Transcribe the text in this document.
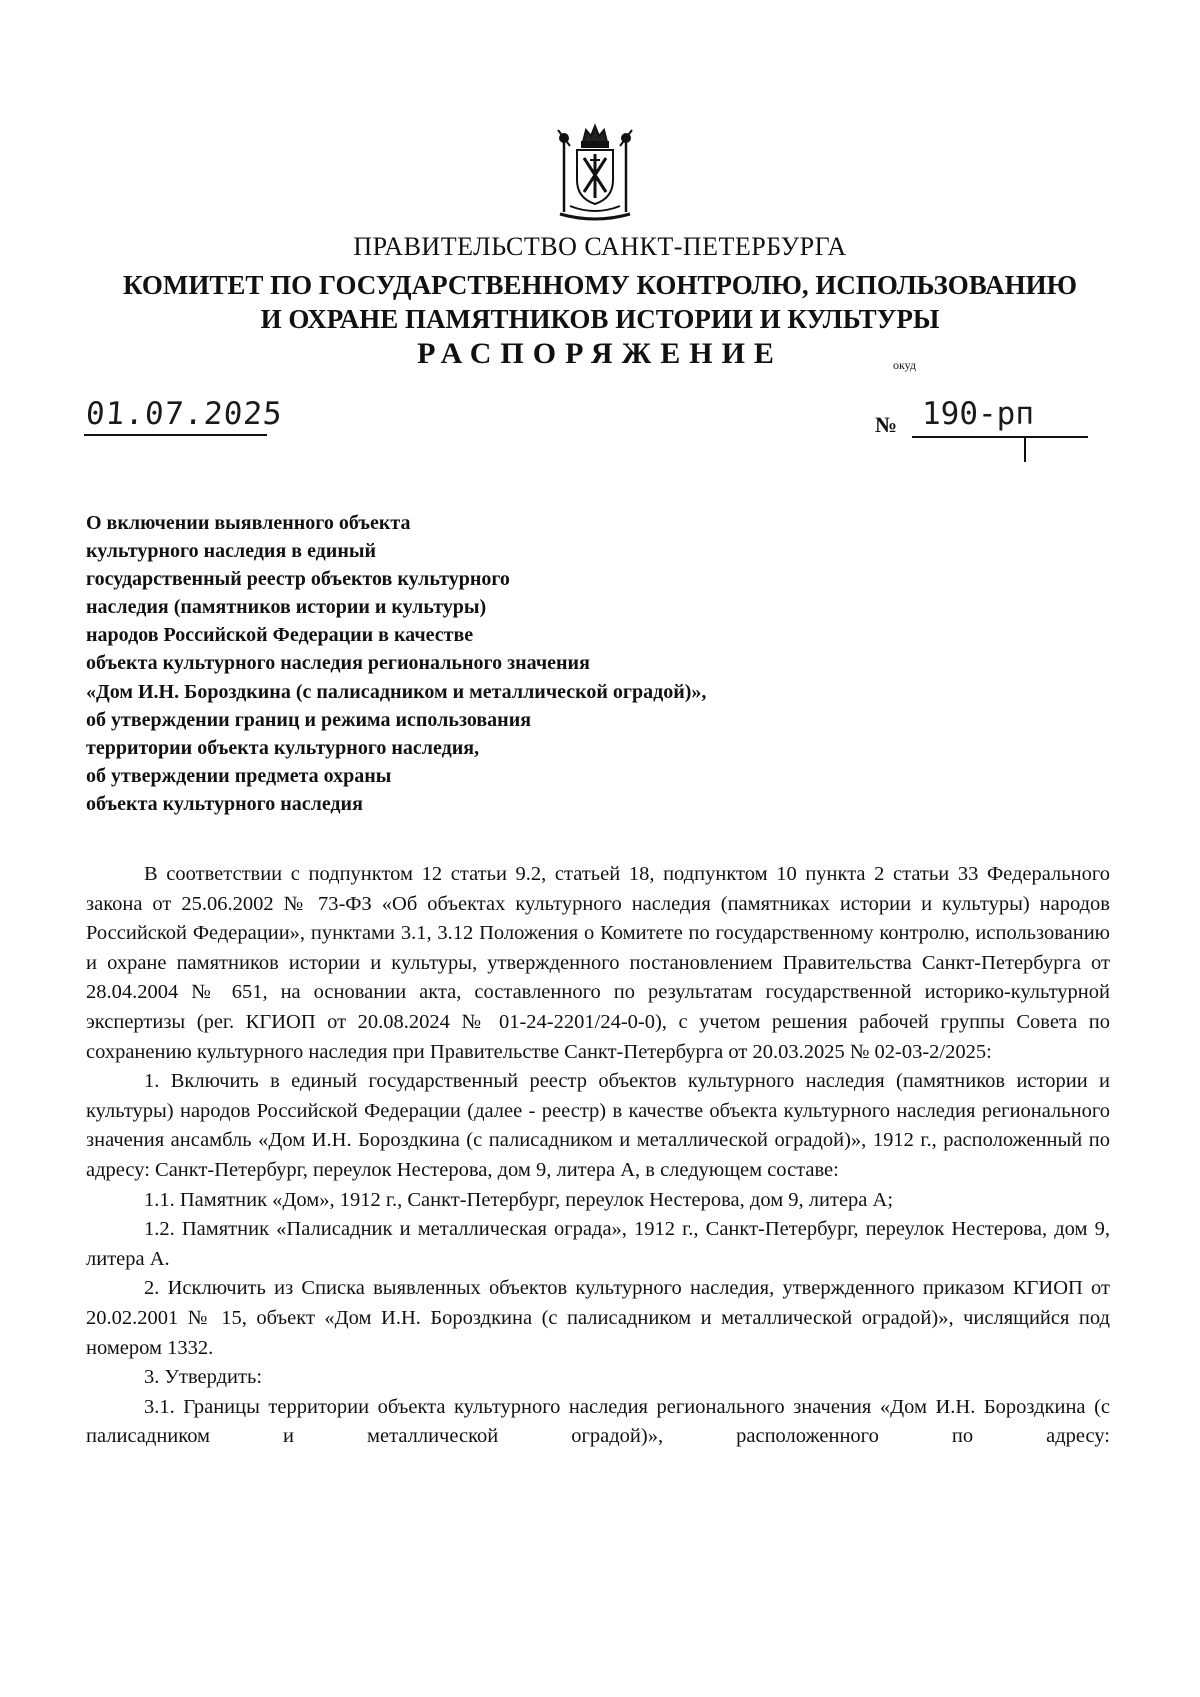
ПРАВИТЕЛЬСТВО САНКТ-ПЕТЕРБУРГА
КОМИТЕТ ПО ГОСУДАРСТВЕННОМУ КОНТРОЛЮ, ИСПОЛЬЗОВАНИЮ
И ОХРАНЕ ПАМЯТНИКОВ ИСТОРИИ И КУЛЬТУРЫ
РАСПОРЯЖЕНИЕ	окуд
01.07.2025	№ 190-рп
О включении выявленного объекта
культурного наследия в единый
государственный реестр объектов культурного
наследия (памятников истории и культуры)
народов Российской Федерации в качестве
объекта культурного наследия регионального значения
«Дом И.Н. Бороздкина (с палисадником и металлической оградой)»,
об утверждении границ и режима использования
территории объекта культурного наследия,
об утверждении предмета охраны
объекта культурного наследия

В соответствии с подпунктом 12 статьи 9.2, статьей 18, подпунктом 10 пункта 2 статьи 33 Федерального закона от 25.06.2002 № 73-ФЗ «Об объектах культурного наследия (памятниках истории и культуры) народов Российской Федерации», пунктами 3.1, 3.12 Положения о Комитете по государственному контролю, использованию и охране памятников истории и культуры, утвержденного постановлением Правительства Санкт-Петербурга от 28.04.2004 № 651, на основании акта, составленного по результатам государственной историко-культурной экспертизы (рег. КГИОП от 20.08.2024 № 01-24-2201/24-0-0), с учетом решения рабочей группы Совета по сохранению культурного наследия при Правительстве Санкт-Петербурга от 20.03.2025 № 02-03-2/2025:

1. Включить в единый государственный реестр объектов культурного наследия (памятников истории и культуры) народов Российской Федерации (далее - реестр) в качестве объекта культурного наследия регионального значения ансамбль «Дом И.Н. Бороздкина (с палисадником и металлической оградой)», 1912 г., расположенный по адресу: Санкт-Петербург, переулок Нестерова, дом 9, литера А, в следующем составе:

1.1. Памятник «Дом», 1912 г., Санкт-Петербург, переулок Нестерова, дом 9, литера А;

1.2. Памятник «Палисадник и металлическая ограда», 1912 г., Санкт-Петербург, переулок Нестерова, дом 9, литера А.

2. Исключить из Списка выявленных объектов культурного наследия, утвержденного приказом КГИОП от 20.02.2001 № 15, объект «Дом И.Н. Бороздкина (с палисадником и металлической оградой)», числящийся под номером 1332.

3. Утвердить:

3.1. Границы территории объекта культурного наследия регионального значения «Дом И.Н. Бороздкина (с палисадником и металлической оградой)», расположенного по адресу:
